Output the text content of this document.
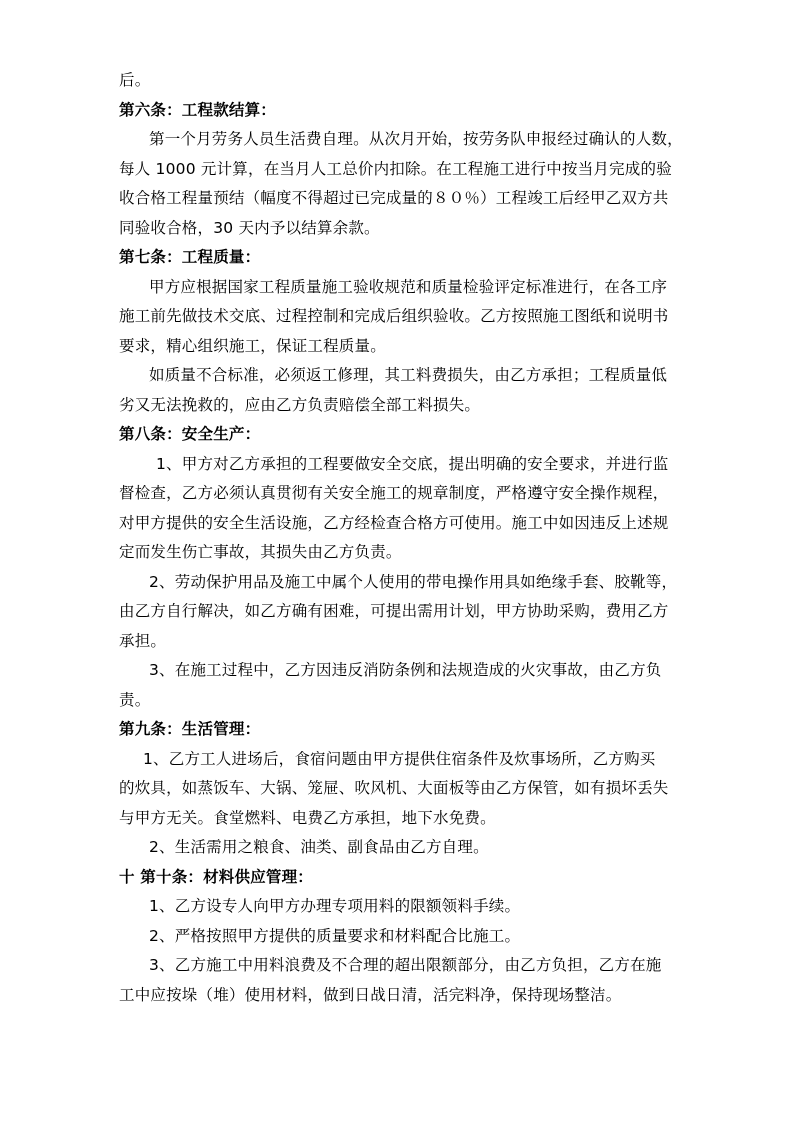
后。
第六条：工程款结算：
第一个月劳务人员生活费自理。从次月开始，按劳务队申报经过确认的人数，
每人 1000 元计算，在当月人工总价内扣除。在工程施工进行中按当月完成的验
收合格工程量预结（幅度不得超过已完成量的８０％）工程竣工后经甲乙双方共
同验收合格，30 天内予以结算余款。
第七条：工程质量：
甲方应根据国家工程质量施工验收规范和质量检验评定标准进行，在各工序
施工前先做技术交底、过程控制和完成后组织验收。乙方按照施工图纸和说明书
要求，精心组织施工，保证工程质量。
如质量不合标准，必须返工修理，其工料费损失，由乙方承担；工程质量低
劣又无法挽救的，应由乙方负责赔偿全部工料损失。
第八条：安全生产：
1、甲方对乙方承担的工程要做安全交底，提出明确的安全要求，并进行监
督检查，乙方必须认真贯彻有关安全施工的规章制度，严格遵守安全操作规程，
对甲方提供的安全生活设施，乙方经检查合格方可使用。施工中如因违反上述规
定而发生伤亡事故，其损失由乙方负责。
2、劳动保护用品及施工中属个人使用的带电操作用具如绝缘手套、胶靴等，
由乙方自行解决，如乙方确有困难，可提出需用计划，甲方协助采购，费用乙方
承担。
3、在施工过程中，乙方因违反消防条例和法规造成的火灾事故，由乙方负
责。
第九条：生活管理：
1、乙方工人进场后，食宿问题由甲方提供住宿条件及炊事场所，乙方购买
的炊具，如蒸饭车、大锅、笼屉、吹风机、大面板等由乙方保管，如有损坏丢失
与甲方无关。食堂燃料、电费乙方承担，地下水免费。
2、生活需用之粮食、油类、副食品由乙方自理。
十 第十条：材料供应管理：
1、乙方设专人向甲方办理专项用料的限额领料手续。
2、严格按照甲方提供的质量要求和材料配合比施工。
3、乙方施工中用料浪费及不合理的超出限额部分，由乙方负担，乙方在施
工中应按垛（堆）使用材料，做到日战日清，活完料净，保持现场整洁。
